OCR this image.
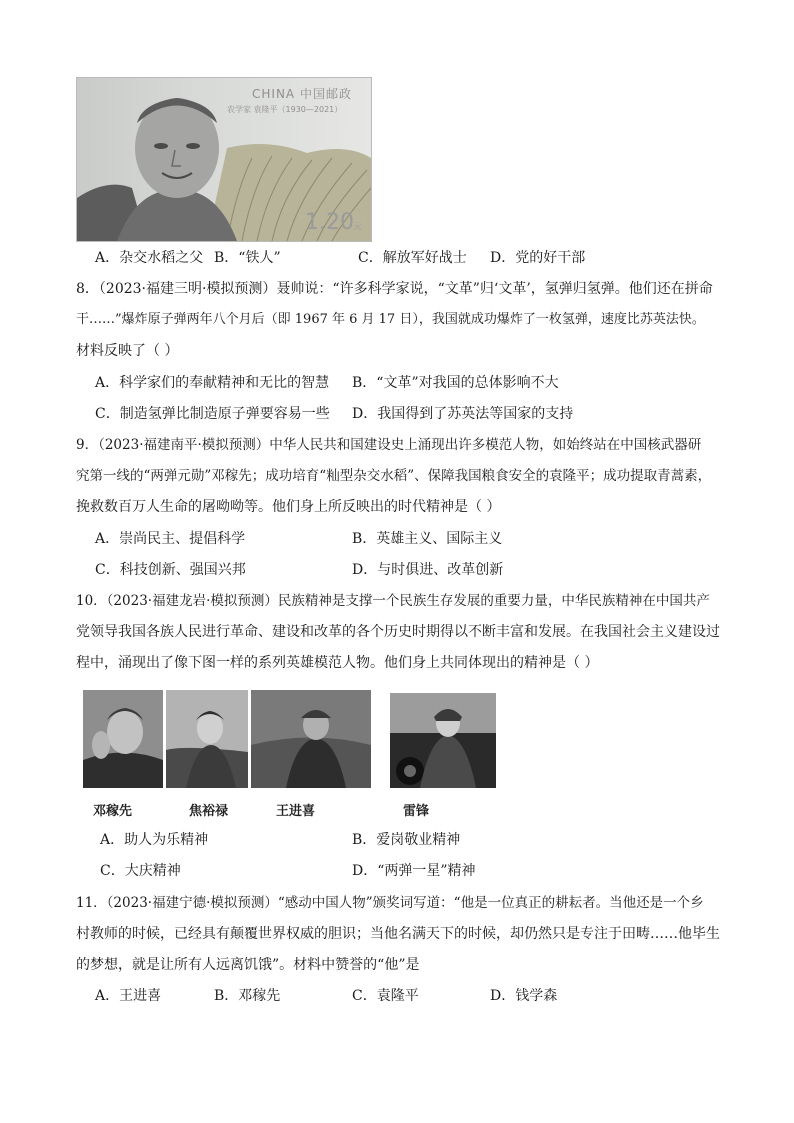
CHINA 中国邮政
农学家 袁隆平（1930—2021）
1.20元
A．杂交水稻之父 B．“铁人”	C．解放军好战士 D．党的好干部
8．（2023·福建三明·模拟预测）聂帅说：“许多科学家说，“文革”归‘文革’，氢弹归氢弹。他们还在拼命
干……”爆炸原子弹两年八个月后（即 1967 年 6 月 17 日），我国就成功爆炸了一枚氢弹，速度比苏英法快。
材料反映了（ ）
A．科学家们的奉献精神和无比的智慧 B．“文革”对我国的总体影响不大
C．制造氢弹比制造原子弹要容易一些 D．我国得到了苏英法等国家的支持
9．（2023·福建南平·模拟预测）中华人民共和国建设史上涌现出许多模范人物，如始终站在中国核武器研
究第一线的“两弹元勋”邓稼先；成功培育“籼型杂交水稻”、保障我国粮食安全的袁隆平；成功提取青蒿素，
挽救数百万人生命的屠呦呦等。他们身上所反映出的时代精神是（ ）
A．崇尚民主、提倡科学	B．英雄主义、国际主义
C．科技创新、强国兴邦	D．与时俱进、改革创新
10．（2023·福建龙岩·模拟预测）民族精神是支撑一个民族生存发展的重要力量，中华民族精神在中国共产
党领导我国各族人民进行革命、建设和改革的各个历史时期得以不断丰富和发展。在我国社会主义建设过
程中，涌现出了像下图一样的系列英雄模范人物。他们身上共同体现出的精神是（ ）
邓稼先	焦裕禄	王进喜	雷锋
A．助人为乐精神	B．爱岗敬业精神
C．大庆精神	D．“两弹一星”精神
11．（2023·福建宁德·模拟预测）“感动中国人物”颁奖词写道：“他是一位真正的耕耘者。当他还是一个乡
村教师的时候，已经具有颠覆世界权威的胆识；当他名满天下的时候，却仍然只是专注于田畴……他毕生
的梦想，就是让所有人远离饥饿”。材料中赞誉的“他”是
A．王进喜	B．邓稼先	C．袁隆平	D．钱学森
